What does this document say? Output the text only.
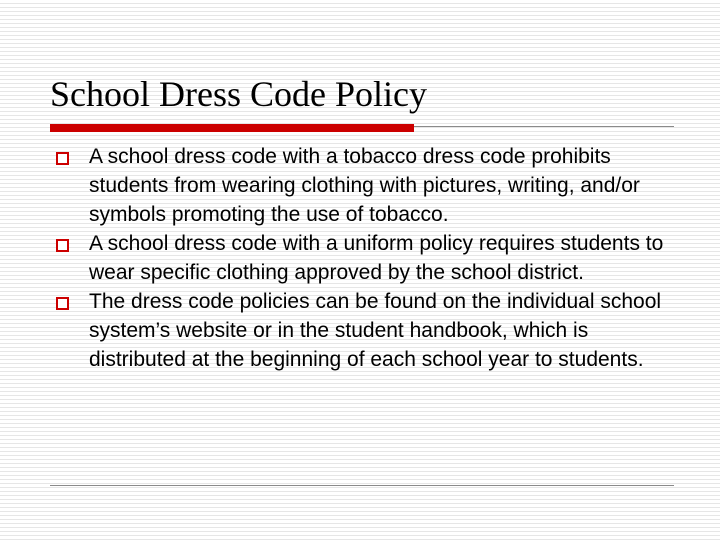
School Dress Code Policy
A school dress code with a tobacco dress code prohibits students from wearing clothing with pictures, writing, and/or symbols promoting the use of tobacco.
A school dress code with a uniform policy requires students to wear specific clothing approved by the school district.
The dress code policies can be found on the individual school system’s website or in the student handbook, which is distributed at the beginning of each school year to students.
